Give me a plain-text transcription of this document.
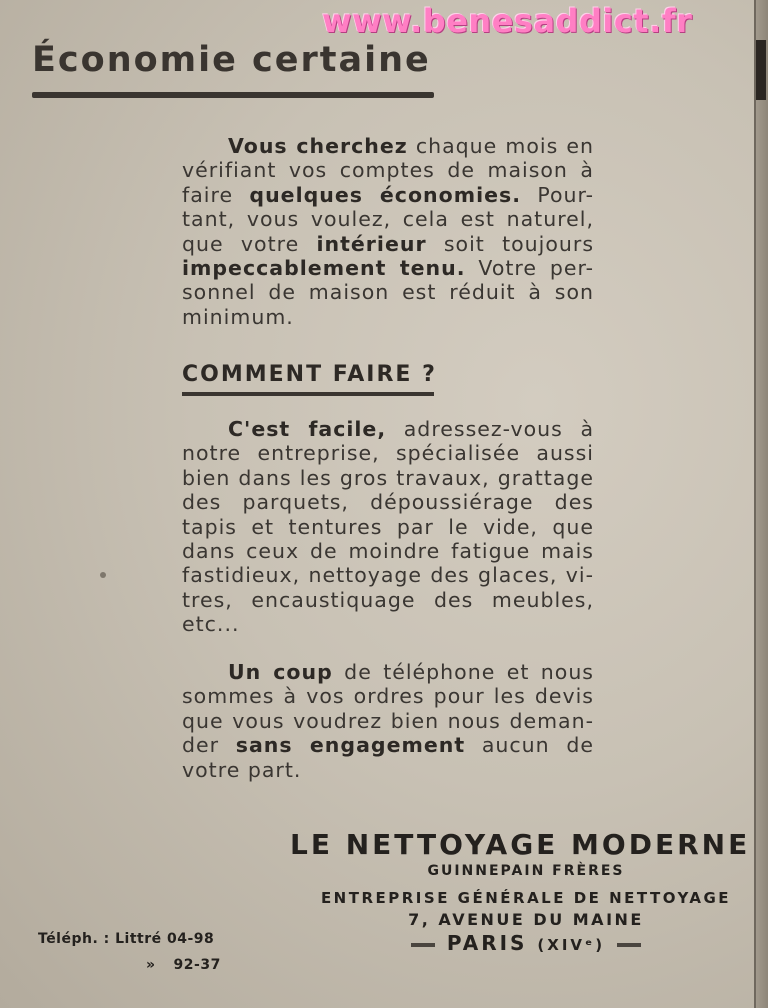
www.benesaddict.fr
Économie certaine

Vous cherchez chaque mois en vérifiant vos comptes de maison à faire quelques économies. Pour-tant, vous voulez, cela est naturel, que votre intérieur soit toujours impeccablement tenu. Votre per-sonnel de maison est réduit à son minimum.

COMMENT FAIRE ?

C'est facile, adressez-vous à notre entreprise, spécialisée aussi bien dans les gros travaux, grattage des parquets, dépoussiérage des tapis et tentures par le vide, que dans ceux de moindre fatigue mais fastidieux, nettoyage des glaces, vi-tres, encaustiquage des meubles, etc...

Un coup de téléphone et nous sommes à vos ordres pour les devis que vous voudrez bien nous deman-der sans engagement aucun de votre part.

LE NETTOYAGE MODERNE
GUINNEPAIN FRÈRES
ENTREPRISE GÉNÉRALE DE NETTOYAGE
7, AVENUE DU MAINE
PARIS (XIVᵉ)
Téléph. : Littré 04-98
» 92-37
